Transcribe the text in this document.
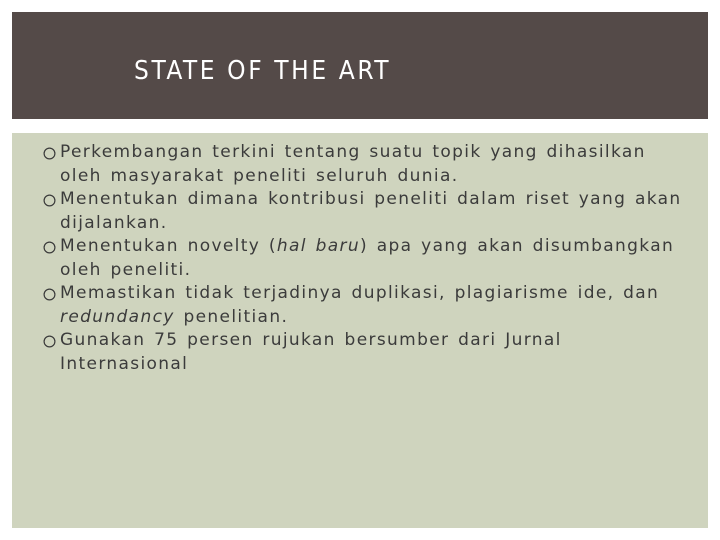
STATE OF THE ART
Perkembangan terkini tentang suatu topik yang dihasilkan oleh masyarakat peneliti seluruh dunia.
Menentukan dimana kontribusi peneliti dalam riset yang akan dijalankan.
Menentukan novelty (hal baru) apa yang akan disumbangkan oleh peneliti.
Memastikan tidak terjadinya duplikasi, plagiarisme ide, dan redundancy penelitian.
Gunakan 75 persen rujukan bersumber dari Jurnal Internasional
